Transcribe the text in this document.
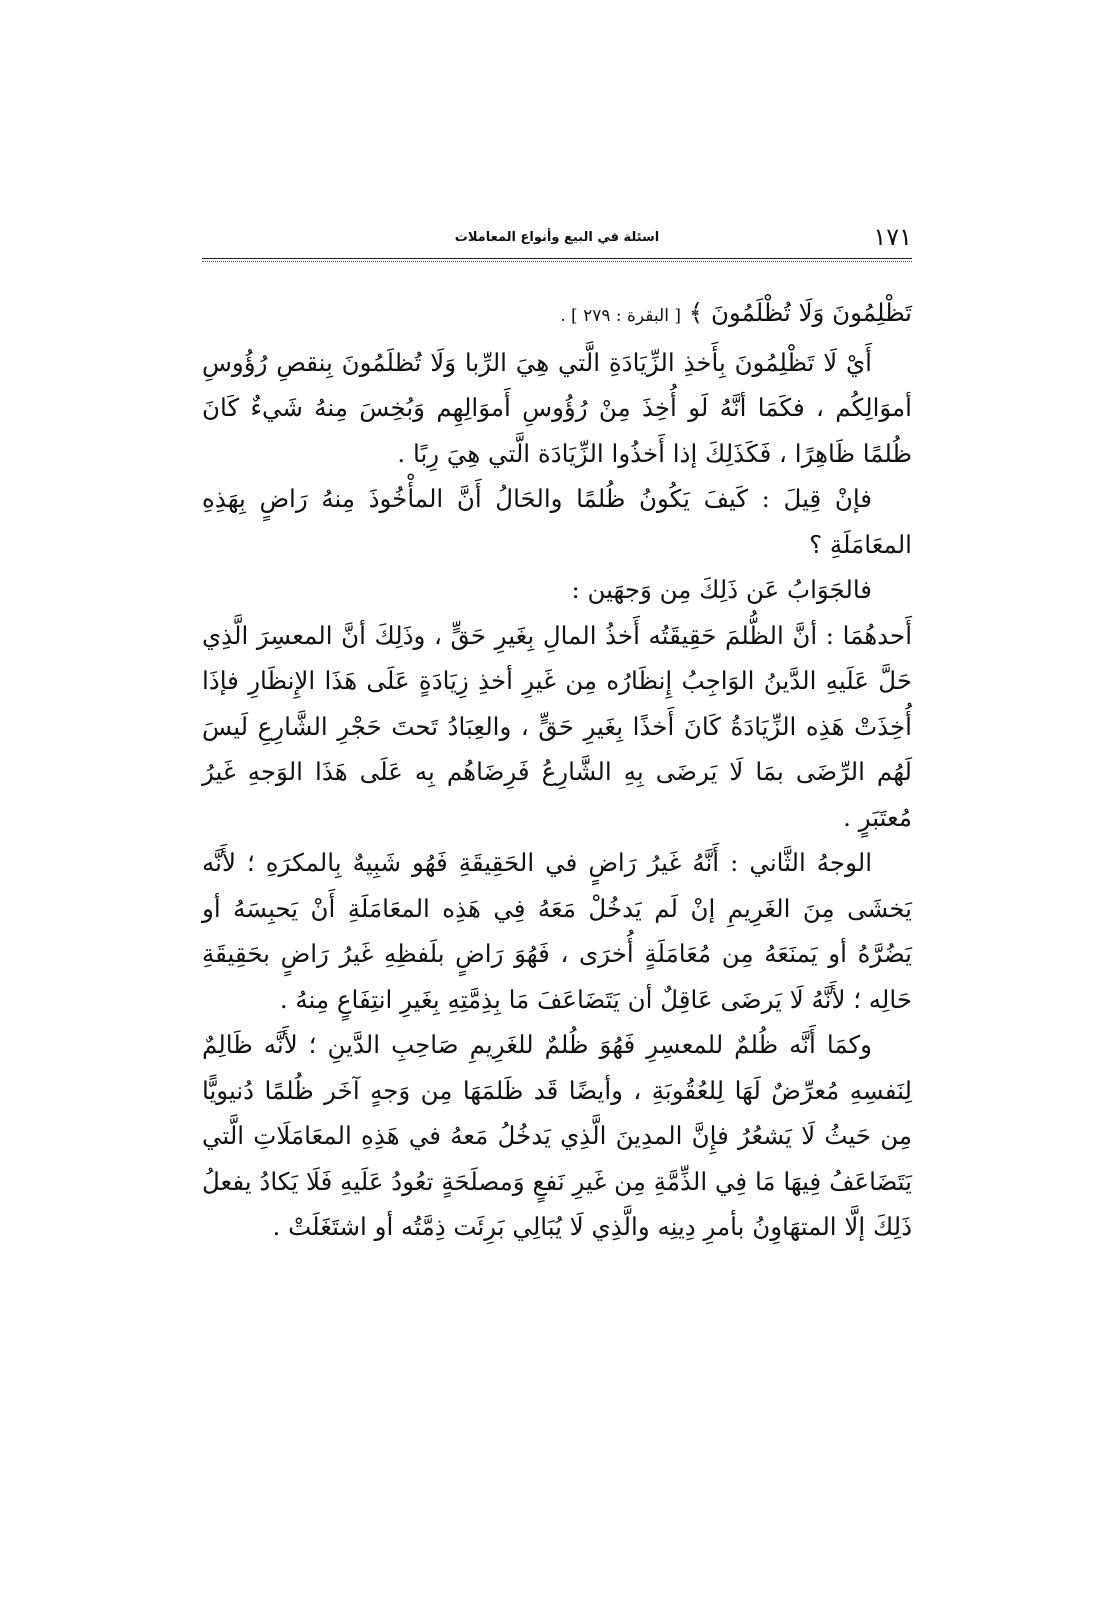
١٧١
اسئلة في البيع وأنواع المعاملات

تَظْلِمُونَ وَلَا تُظْلَمُونَ ﴾ [ البقرة : ٢٧٩ ] .

أَيْ لَا تَظْلِمُونَ بِأَخذِ الزِّيَادَةِ الَّتي هِيَ الرِّبا وَلَا تُظلَمُونَ بِنقصِ رُؤُوسِ أموَالِكُم ، فكَمَا أنَّهُ لَو أُخِذَ مِنْ رُؤُوسِ أَموَالِهِم وَبُخِسَ مِنهُ شَيءٌ كَانَ ظُلمًا ظَاهِرًا ، فَكَذَلِكَ إذا أَخذُوا الزِّيَادَة الَّتي هِيَ رِبًا .

فإنْ قِيلَ : كَيفَ يَكُونُ ظُلمًا والحَالُ أَنَّ المأْخُوذَ مِنهُ رَاضٍ بِهَذِهِ المعَامَلَةِ ؟

فالجَوَابُ عَن ذَلِكَ مِن وَجهَين :

أَحدهُمَا : أنَّ الظُّلمَ حَقِيقَتُه أَخذُ المالِ بِغَيرِ حَقٍّ ، وذَلِكَ أنَّ المعسِرَ الَّذِي حَلَّ عَلَيهِ الدَّينُ الوَاجِبُ إِنظَارُه مِن غَيرِ أخذِ زِيَادَةٍ عَلَى هَذَا الإِنظَارِ فإذَا أُخِذَتْ هَذِه الزِّيَادَةُ كَانَ أَخذًا بِغَيرِ حَقٍّ ، والعِبَادُ تَحتَ حَجْرِ الشَّارِعِ لَيسَ لَهُم الرِّضَى بمَا لَا يَرضَى بِهِ الشَّارِعُ فَرِضَاهُم بِه عَلَى هَذَا الوَجهِ غَيرُ مُعتَبَرٍ .

الوجهُ الثَّاني : أَنَّهُ غَيرُ رَاضٍ في الحَقِيقَةِ فَهُو شَبِيهٌ بِالمكرَهِ ؛ لأَنَّه يَخشَى مِنَ الغَرِيمِ إنْ لَم يَدخُلْ مَعَهُ فِي هَذِه المعَامَلَةِ أَنْ يَحبِسَهُ أو يَضُرَّهُ أو يَمنَعَهُ مِن مُعَامَلَةٍ أُخرَى ، فَهُوَ رَاضٍ بلَفظِهِ غَيرُ رَاضٍ بحَقِيقَةِ حَالِه ؛ لأَنَّهُ لَا يَرضَى عَاقِلٌ أن يَتَضَاعَفَ مَا بِذِمَّتِهِ بِغَيرِ انتِفَاعٍ مِنهُ .

وكمَا أَنَّه ظُلمٌ للمعسِرِ فَهُوَ ظُلمٌ للغَرِيمِ صَاحِبِ الدَّينِ ؛ لأَنَّه ظَالِمٌ لِنَفسِهِ مُعرِّضٌ لَهَا لِلعُقُوبَةِ ، وأيضًا قَد ظَلمَهَا مِن وَجهٍ آخَر ظُلمًا دُنيويًّا مِن حَيثُ لَا يَشعُرُ فإِنَّ المدِينَ الَّذِي يَدخُلُ مَعهُ في هَذِهِ المعَامَلَاتِ الَّتي يَتَضَاعَفُ فِيهَا مَا فِي الذِّمَّةِ مِن غَيرِ نَفعٍ وَمصلَحَةٍ تعُودُ عَلَيهِ فَلَا يَكادُ يفعلُ ذَلِكَ إلَّا المتهَاوِنُ بأمرِ دِينِه والَّذِي لَا يُبَالِي بَرِئَت ذِمَّتُه أو اشتَغَلَتْ .
